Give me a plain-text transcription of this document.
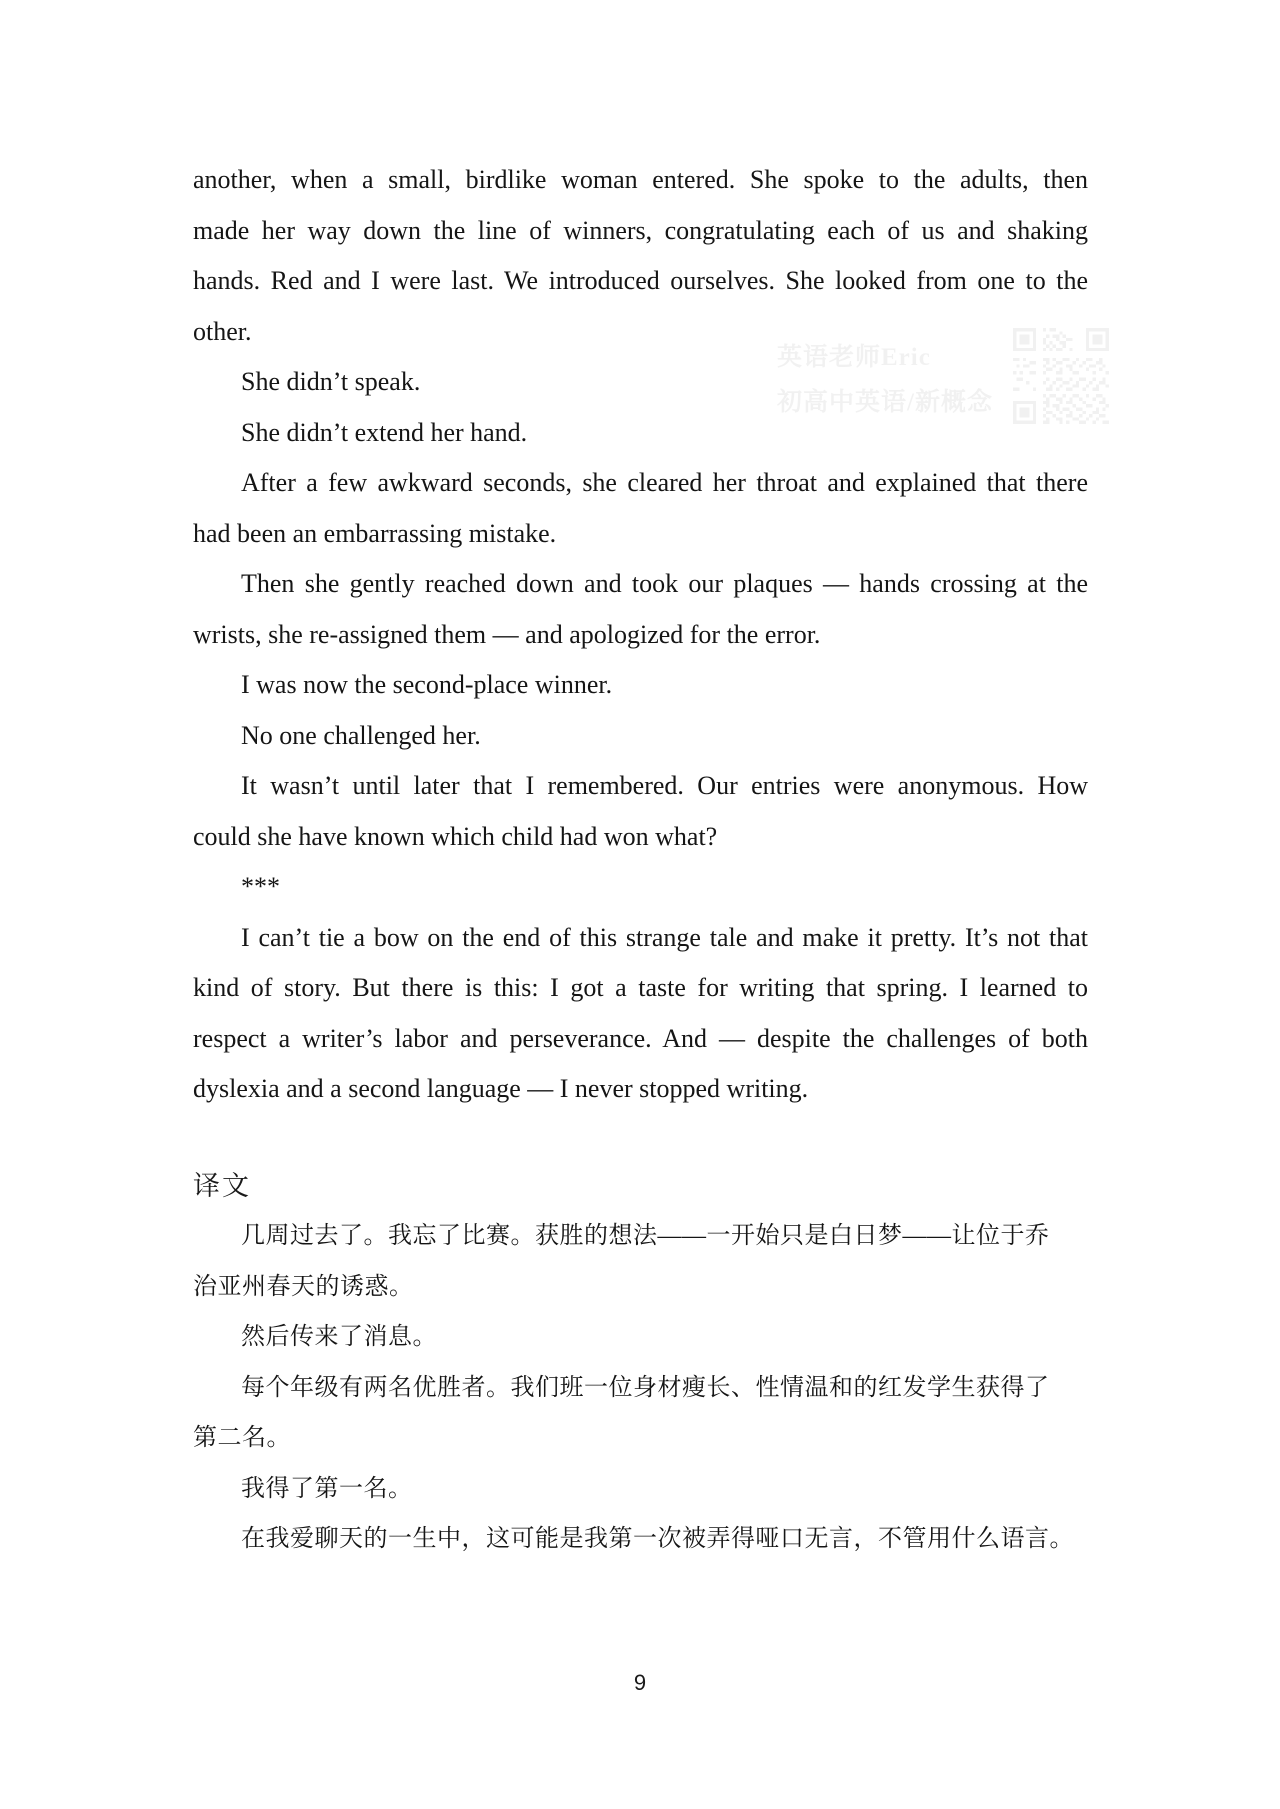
英语老师Eric
初高中英语/新概念
another, when a small, birdlike woman entered. She spoke to the adults, then
made her way down the line of winners, congratulating each of us and shaking
hands. Red and I were last. We introduced ourselves. She looked from one to the
other.
She didn’t speak.
She didn’t extend her hand.
After a few awkward seconds, she cleared her throat and explained that there
had been an embarrassing mistake.
Then she gently reached down and took our plaques — hands crossing at the
wrists, she re-assigned them — and apologized for the error.
I was now the second-place winner.
No one challenged her.
It wasn’t until later that I remembered. Our entries were anonymous. How
could she have known which child had won what?
***
I can’t tie a bow on the end of this strange tale and make it pretty. It’s not that
kind of story. But there is this: I got a taste for writing that spring. I learned to
respect a writer’s labor and perseverance. And — despite the challenges of both
dyslexia and a second language — I never stopped writing.
译文
几周过去了。我忘了比赛。获胜的想法——一开始只是白日梦——让位于乔
治亚州春天的诱惑。
然后传来了消息。
每个年级有两名优胜者。我们班一位身材瘦长、性情温和的红发学生获得了
第二名。
我得了第一名。
在我爱聊天的一生中，这可能是我第一次被弄得哑口无言，不管用什么语言。
9
